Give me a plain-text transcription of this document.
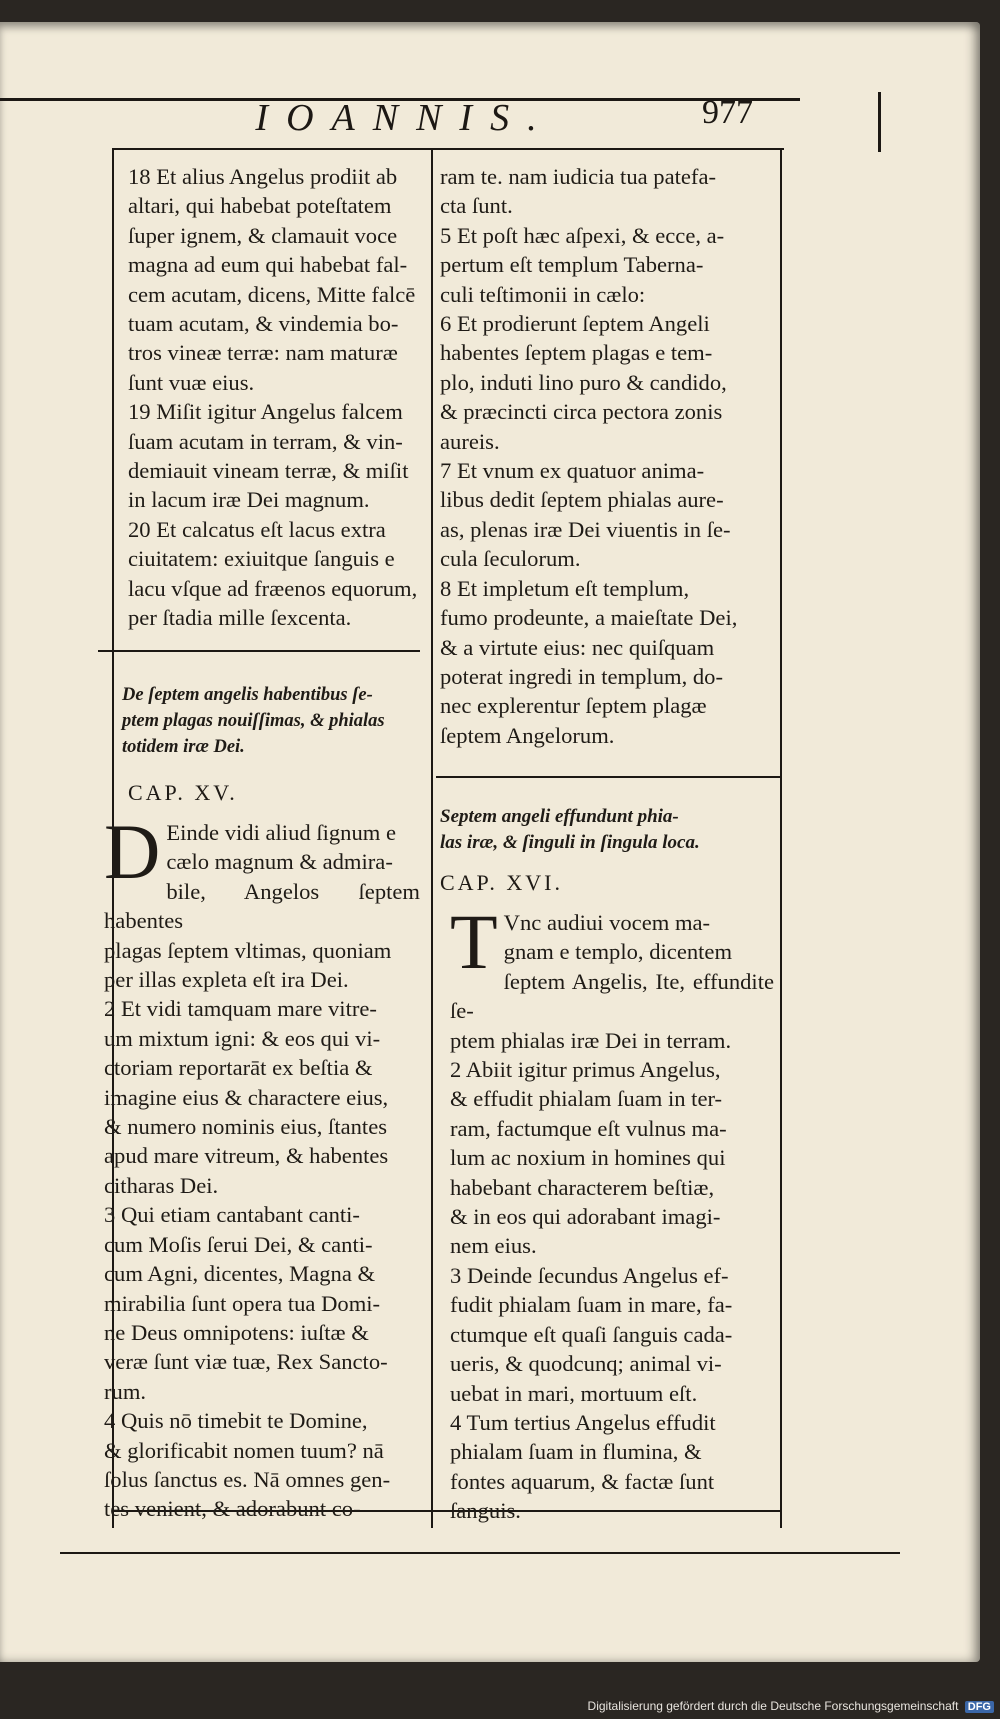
IOANNIS.	977

18 Et alius Angelus prodiit ab

altari, qui habebat poteſtatem

ſuper ignem, & clamauit voce

magna ad eum qui habebat fal-

cem acutam, dicens, Mitte falcē

tuam acutam, & vindemia bo-

tros vineæ terræ: nam maturæ

ſunt vuæ eius.

19 Miſit igitur Angelus falcem

ſuam acutam in terram, & vin-

demiauit vineam terræ, & miſit

in lacum iræ Dei magnum.

20 Et calcatus eſt lacus extra

ciuitatem: exiuitque ſanguis e

lacu vſque ad fræenos equorum,

per ſtadia mille ſexcenta.

De ſeptem angelis habentibus ſe-

ptem plagas nouiſſimas, & phialas

totidem iræ Dei.

CAP. XV.

D Einde vidi aliud ſignum e

cælo magnum & admira-

bile, Angelos ſeptem habentes

plagas ſeptem vltimas, quoniam

per illas expleta eſt ira Dei.

2 Et vidi tamquam mare vitre-

um mixtum igni: & eos qui vi-

ctoriam reportarāt ex beſtia &

imagine eius & charactere eius,

& numero nominis eius, ſtantes

apud mare vitreum, & habentes

citharas Dei.

3 Qui etiam cantabant canti-

cum Moſis ſerui Dei, & canti-

cum Agni, dicentes, Magna &

mirabilia ſunt opera tua Domi-

ne Deus omnipotens: iuſtæ &

veræ ſunt viæ tuæ, Rex Sancto-

rum.

4 Quis nō timebit te Domine,

& glorificabit nomen tuum? nā

ſolus ſanctus es. Nā omnes gen-

tes venient, & adorabunt co-

ram te. nam iudicia tua patefa-

cta ſunt.

5 Et poſt hæc aſpexi, & ecce, a-

pertum eſt templum Taberna-

culi teſtimonii in cælo:

6 Et prodierunt ſeptem Angeli

habentes ſeptem plagas e tem-

plo, induti lino puro & candido,

& præcincti circa pectora zonis

aureis.

7 Et vnum ex quatuor anima-

libus dedit ſeptem phialas aure-

as, plenas iræ Dei viuentis in ſe-

cula ſeculorum.

8 Et impletum eſt templum,

fumo prodeunte, a maieſtate Dei,

& a virtute eius: nec quiſquam

poterat ingredi in templum, do-

nec explerentur ſeptem plagæ

ſeptem Angelorum.

Septem angeli effundunt phia-

las iræ, & ſinguli in ſingula loca.

CAP. XVI.

T Vnc audiui vocem ma-

gnam e templo, dicentem

ſeptem Angelis, Ite, effundite ſe-

ptem phialas iræ Dei in terram.

2 Abiit igitur primus Angelus,

& effudit phialam ſuam in ter-

ram, factumque eſt vulnus ma-

lum ac noxium in homines qui

habebant characterem beſtiæ,

& in eos qui adorabant imagi-

nem eius.

3 Deinde ſecundus Angelus ef-

fudit phialam ſuam in mare, fa-

ctumque eſt quaſi ſanguis cada-

ueris, & quodcunq; animal vi-

uebat in mari, mortuum eſt.

4 Tum tertius Angelus effudit

phialam ſuam in flumina, &

fontes aquarum, & factæ ſunt

ſanguis.

Digitalisierung gefördert durch die Deutsche Forschungsgemeinschaft DFG
